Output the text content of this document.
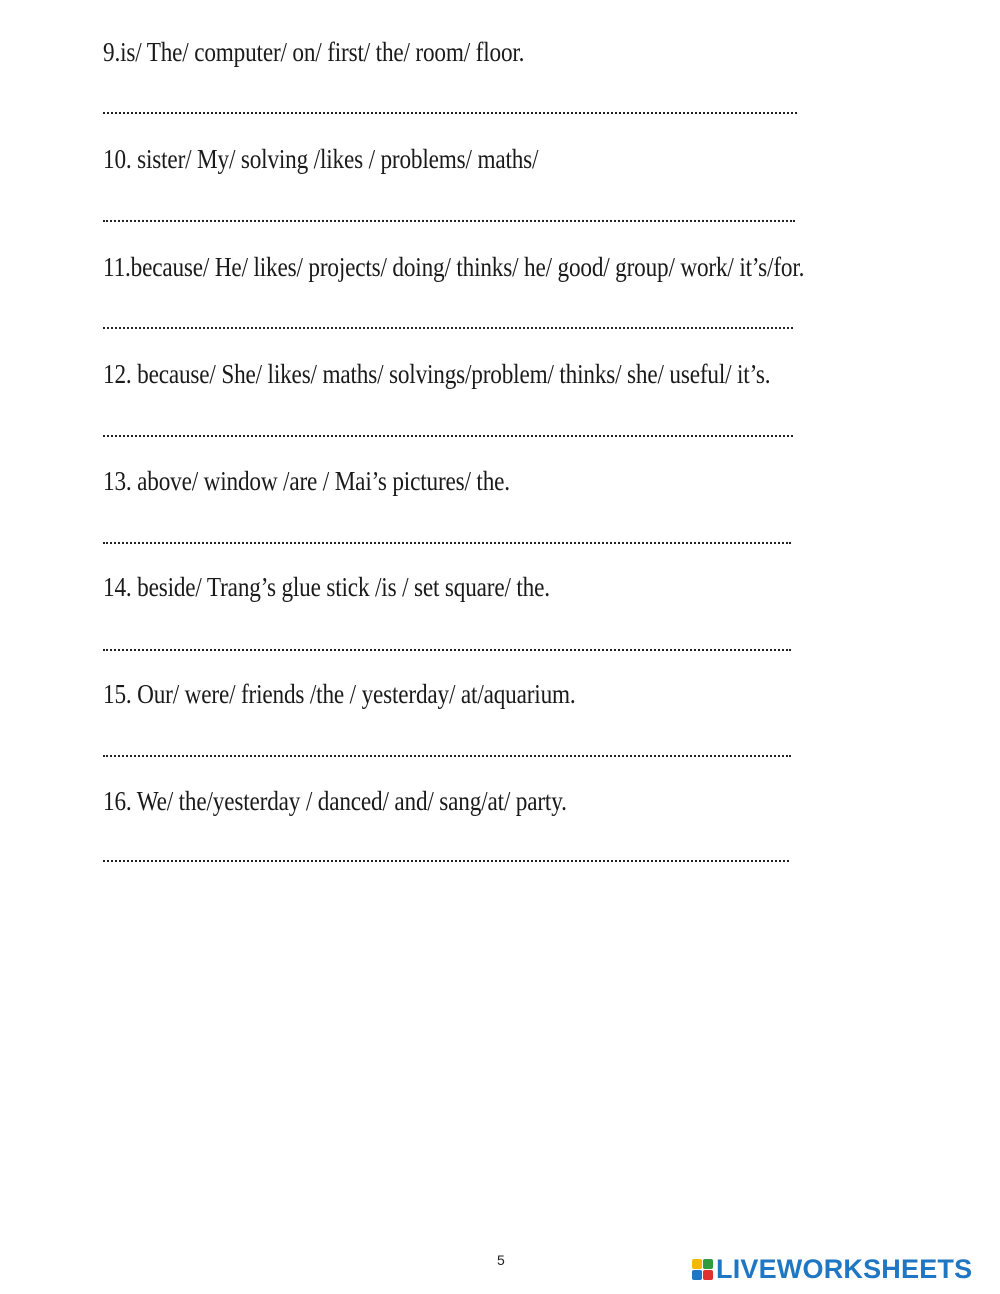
9.is/ The/ computer/ on/ first/ the/ room/ floor.
10. sister/ My/ solving /likes / problems/ maths/
11.because/ He/ likes/ projects/ doing/ thinks/ he/ good/ group/ work/ it’s/for.
12. because/ She/ likes/ maths/ solvings/problem/ thinks/ she/ useful/ it’s.
13. above/ window /are / Mai’s pictures/ the.
14. beside/ Trang’s glue stick /is / set square/ the.
15. Our/ were/ friends /the / yesterday/ at/aquarium.
16. We/ the/yesterday / danced/ and/ sang/at/ party.
5	LIVEWORKSHEETS
